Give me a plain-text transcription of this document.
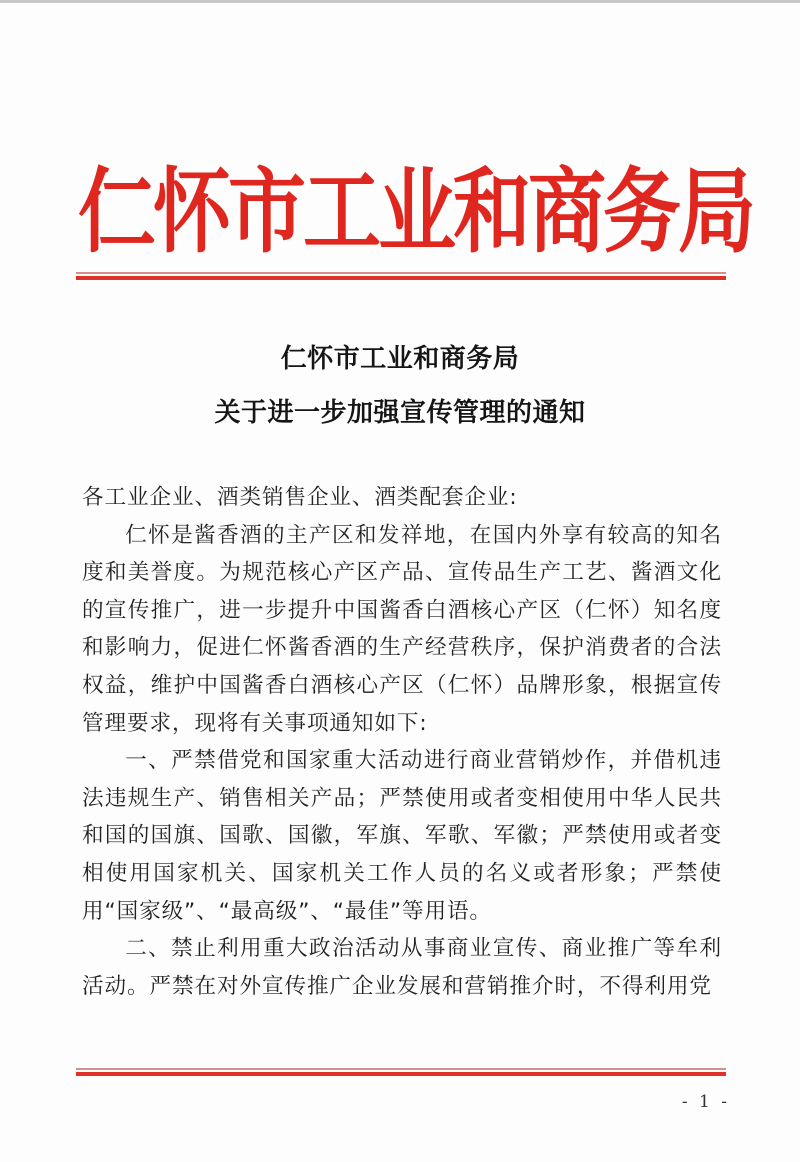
仁怀市工业和商务局
仁怀市工业和商务局
关于进一步加强宣传管理的通知

各工业企业、酒类销售企业、酒类配套企业:

仁怀是酱香酒的主产区和发祥地，在国内外享有较高的知名度和美誉度。为规范核心产区产品、宣传品生产工艺、酱酒文化的宣传推广，进一步提升中国酱香白酒核心产区（仁怀）知名度和影响力，促进仁怀酱香酒的生产经营秩序，保护消费者的合法权益，维护中国酱香白酒核心产区（仁怀）品牌形象，根据宣传管理要求，现将有关事项通知如下:

一、严禁借党和国家重大活动进行商业营销炒作，并借机违法违规生产、销售相关产品；严禁使用或者变相使用中华人民共和国的国旗、国歌、国徽，军旗、军歌、军徽；严禁使用或者变相使用国家机关、国家机关工作人员的名义或者形象；严禁使用“国家级”、“最高级”、“最佳”等用语。

二、禁止利用重大政治活动从事商业宣传、商业推广等牟利活动。严禁在对外宣传推广企业发展和营销推介时，不得利用党

- 1 -
